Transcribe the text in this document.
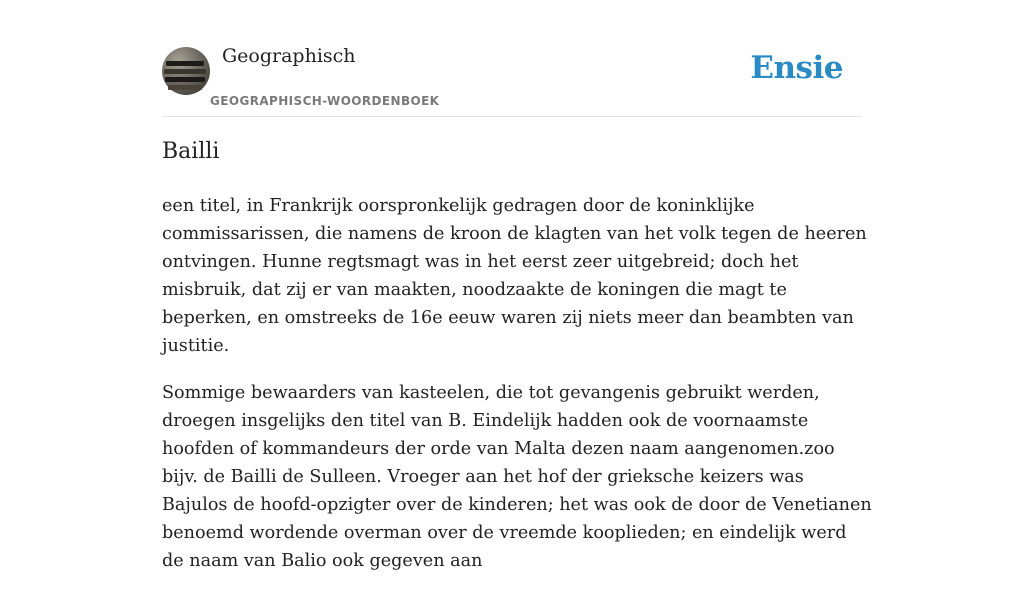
Geographisch
GEOGRAPHISCH-WOORDENBOEK
Ensie
Bailli

een titel, in Frankrijk oorspronkelijk gedragen door de koninklijke commissarissen, die namens de kroon de klagten van het volk tegen de heeren ontvingen. Hunne regtsmagt was in het eerst zeer uitgebreid; doch het misbruik, dat zij er van maakten, noodzaakte de koningen die magt te beperken, en omstreeks de 16e eeuw waren zij niets meer dan beambten van justitie.

Sommige bewaarders van kasteelen, die tot gevangenis gebruikt werden, droegen insgelijks den titel van B. Eindelijk hadden ook de voornaamste hoofden of kommandeurs der orde van Malta dezen naam aangenomen.zoo bijv. de Bailli de Sulleen. Vroeger aan het hof der grieksche keizers was Bajulos de hoofd-opzigter over de kinderen; het was ook de door de Venetianen benoemd wordende overman over de vreemde kooplieden; en eindelijk werd de naam van Balio ook gegeven aan
